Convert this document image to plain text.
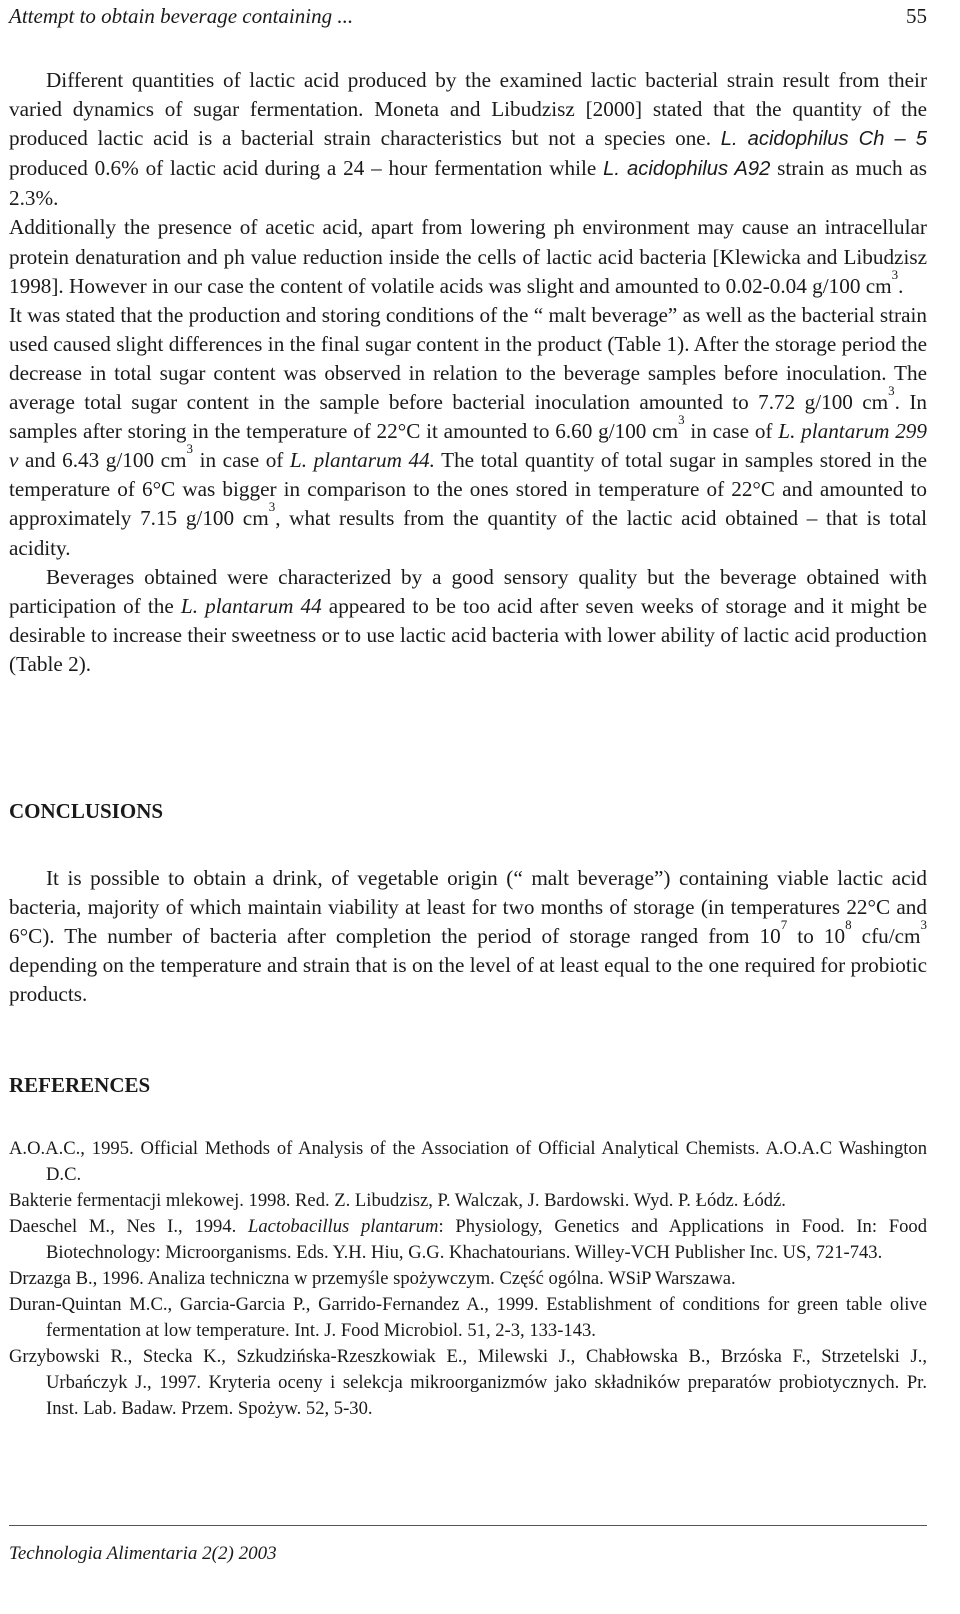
Attempt to obtain beverage containing ...	55

Different quantities of lactic acid produced by the examined lactic bacterial strain result from their varied dynamics of sugar fermentation. Moneta and Libudzisz [2000] stated that the quantity of the produced lactic acid is a bacterial strain characteristics but not a species one. L. acidophilus Ch – 5 produced 0.6% of lactic acid during a 24 – hour fermentation while L. acidophilus A92 strain as much as 2.3%.

Additionally the presence of acetic acid, apart from lowering ph environment may cause an intracellular protein denaturation and ph value reduction inside the cells of lactic acid bacteria [Klewicka and Libudzisz 1998]. However in our case the content of volatile acids was slight and amounted to 0.02-0.04 g/100 $cm^3$.

It was stated that the production and storing conditions of the “ malt beverage” as well as the bacterial strain used caused slight differences in the final sugar content in the product (Table 1). After the storage period the decrease in total sugar content was observed in relation to the beverage samples before inoculation. The average total sugar content in the sample before bacterial inoculation amounted to 7.72 g/100 $cm^3$. In samples after storing in the temperature of 22°C it amounted to 6.60 g/100 $cm^3$ in case of L. plantarum 299 v and 6.43 g/100 $cm^3$ in case of L. plantarum 44. The total quantity of total sugar in samples stored in the temperature of 6°C was bigger in comparison to the ones stored in temperature of 22°C and amounted to approximately 7.15 g/100 $cm^3$, what results from the quantity of the lactic acid obtained – that is total acidity.

Beverages obtained were characterized by a good sensory quality but the beverage obtained with participation of the L. plantarum 44 appeared to be too acid after seven weeks of storage and it might be desirable to increase their sweetness or to use lactic acid bacteria with lower ability of lactic acid production (Table 2).

CONCLUSIONS

It is possible to obtain a drink, of vegetable origin (“ malt beverage”) containing viable lactic acid bacteria, majority of which maintain viability at least for two months of storage (in temperatures 22°C and 6°C). The number of bacteria after completion the period of storage ranged from $10^7$ to $10^8$ cfu/$cm^3$ depending on the temperature and strain that is on the level of at least equal to the one required for probiotic products.

REFERENCES
A.O.A.C., 1995. Official Methods of Analysis of the Association of Official Analytical Chemists. A.O.A.C Washington D.C.
Bakterie fermentacji mlekowej. 1998. Red. Z. Libudzisz, P. Walczak, J. Bardowski. Wyd. P. Łódz. Łódź.
Daeschel M., Nes I., 1994. Lactobacillus plantarum: Physiology, Genetics and Applications in Food. In: Food Biotechnology: Microorganisms. Eds. Y.H. Hiu, G.G. Khachatourians. Willey-VCH Publisher Inc. US, 721-743.
Drzazga B., 1996. Analiza techniczna w przemyśle spożywczym. Część ogólna. WSiP Warszawa.
Duran-Quintan M.C., Garcia-Garcia P., Garrido-Fernandez A., 1999. Establishment of conditions for green table olive fermentation at low temperature. Int. J. Food Microbiol. 51, 2-3, 133-143.
Grzybowski R., Stecka K., Szkudzińska-Rzeszkowiak E., Milewski J., Chabłowska B., Brzóska F., Strzetelski J., Urbańczyk J., 1997. Kryteria oceny i selekcja mikroorganizmów jako składników preparatów probiotycznych. Pr. Inst. Lab. Badaw. Przem. Spożyw. 52, 5-30.
Technologia Alimentaria 2(2) 2003
